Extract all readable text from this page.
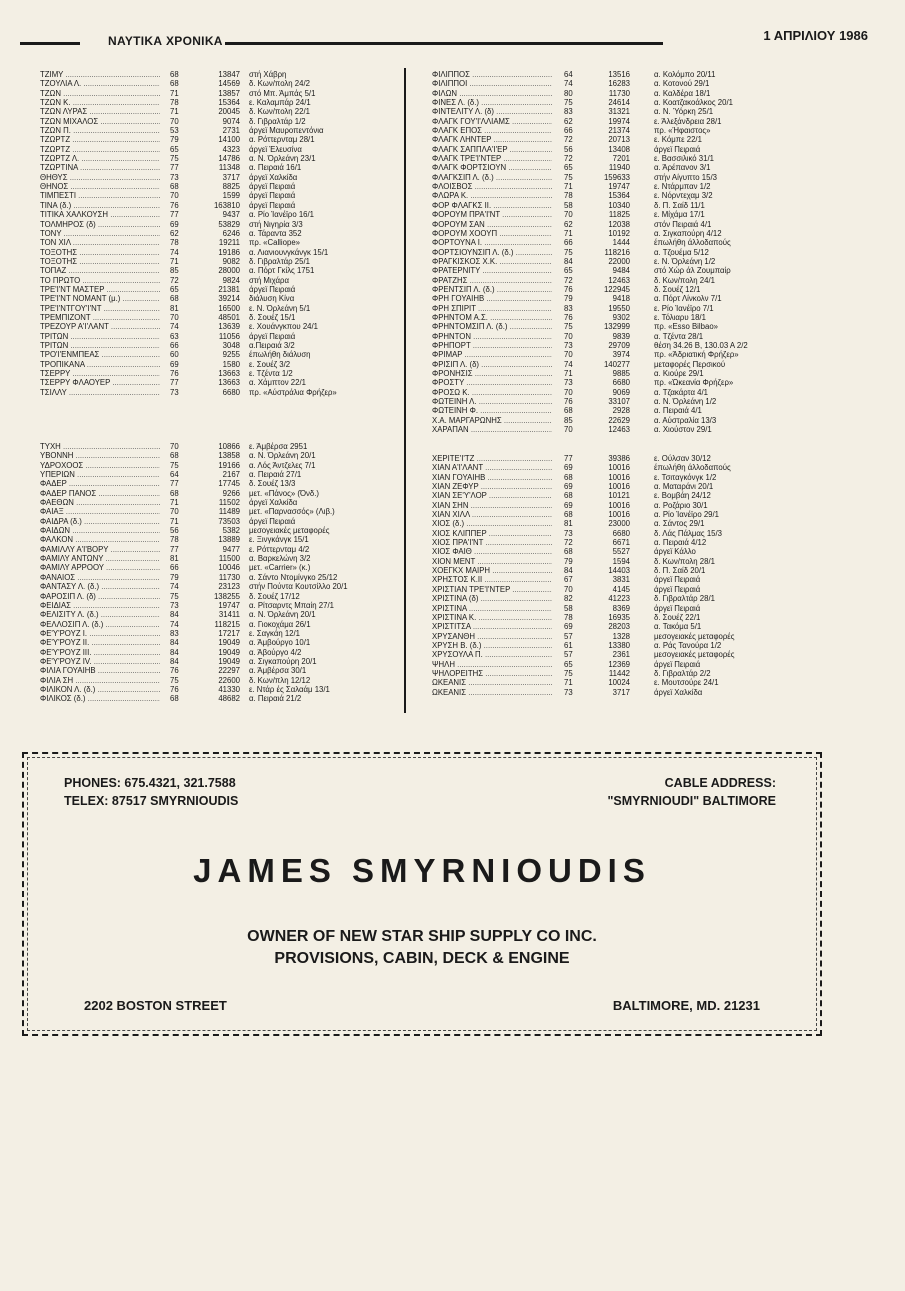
ΝΑΥΤΙΚΑ ΧΡΟΝΙΚΑ	1 ΑΠΡΙΛΙΟΥ 1986
ΤΖΙΜΥ .....	68	13847 στή Χάβρη
ΤΖΟΥΛΙΑ Λ. .....	68	14569 δ. Κων/πολη 24/2
ΤΖΩΝ .....	71	13857 στό Μπ. Άμπάς 5/1
ΤΖΩΝ Κ. .....	78	15364 ε. Καλαμπάρ 24/1
ΤΖΩΝ ΛΥΡΑΣ .....	71	20045 δ. Κων/πολη 22/1
ΤΖΩΝ ΜΙΧΑΛΟΣ .....	70	9074 δ. Γιβραλτάρ 1/2
ΤΖΩΝ Π. .....	53	2731 άργεϊ Μαυροπεντόνια
ΤΖΩΡΤΖ .....	79	14100 α. Ρόττερνταμ 28/1
ΤΖΩΡΤΖ .....	65	4323 άργεϊ Έλευσίνα
ΤΖΩΡΤΖ Λ. .....	75	14786 α. Ν. Όρλεάνη 23/1
ΤΖΩΡΤΙΝΑ .....	77	11348 α. Πειραιά 16/1
ΘΗΘΥΣ .....	73	3717 άργεϊ Χαλκίδα
ΘΗΝΟΣ .....	68	8825 άργεϊ Πειραιά
ΤΙΜΠΕΣΤΙ .....	70	1599 άργεϊ Πειραιά
ΤΙΝΑ (δ.) .....	76	163810 άργεϊ Πειραιά
ΤΙΤΙΚΑ ΧΑΛΚΟΥΣΗ .....	77	9437 α. Ρίο Ίανέϊρο 16/1
ΤΟΛΜΗΡΟΣ (δ) .....	69	53829 στή Νιγηρία 3/3
ΤΟΝΥ .....	62	6246 α. Τάραντα 352
ΤΟΝ ΧΙΛ .....	78	19211 πρ. «Calliope»
ΤΟΞΟΤΗΣ .....	74	19186 α. Λιανιουνγκάνγκ 15/1
ΤΟΞΟΤΗΣ .....	71	9082 δ. Γιβραλτάρ 25/1
ΤΟΠΑΖ .....	85	28000 α. Πόρτ Γκίλς 1751
ΤΟ ΠΡΩΤΟ .....	72	9824 στή Μιχάρα
ΤΡΕ'Ι'ΝΤ ΜΑΣΤΕΡ .....	65	21381 άργεϊ Πειραιά
ΤΡΕ'Ι'ΝΤ ΝΟΜΑΝΤ (μ.) .....	68	39214 διάλυση Κίνα
ΤΡΕ'Ι'ΝΤΓΟΥ'Ι'ΝΤ .....	81	16500 ε. Ν. Όρλεάνη 5/1
ΤΡΕΜΠΙΖΟΝΤ .....	70	48501 δ. Σουέζ 15/1
ΤΡΕΖΟΥΡ Α'Ι'ΛΑΝΤ .....	74	13639 ε. Χουάνγκπου 24/1
ΤΡΙΤΩΝ .....	63	11056 άργεϊ Πειραιά
ΤΡΙΤΩΝ .....	66	3048 α.Πειραιά 3/2
ΤΡΟ'Ι'ΕΝΜΠΕΑΣ .....	60	9255 έπωλήθη διάλυση
ΤΡΟΠΙΚΑΝΑ .....	69	1580 ε. Σουέζ 3/2
ΤΣΕΡΡΥ .....	76	13663 ε. Τζέντα 1/2
ΤΣΕΡΡΥ ΦΛΑΟΥΕΡ .....	77	13663 α. Χάμπτον 22/1
ΤΣΙΛΛΥ .....	73	6680 πρ. «Αύστράλια Φρήζερ»
ΤΥΧΗ .....	70	10866 ε. Άμβέρσα 2951
ΥΒΟΝΝΗ .....	68	13858 α. Ν. Όρλεάνη 20/1
ΥΔΡΟΧΟΟΣ .....	75	19166 α. Λός Άντζελες 7/1
ΥΠΕΡΙΩΝ .....	64	2167 α. Πειραιά 27/1
ΦΑΔΕΡ .....	77	17745 δ. Σουέζ 13/3
ΦΑΔΕΡ ΠΑΝΟΣ .....	68	9266 μετ. «Πάνος» (Όνδ.)
ΦΑΕΘΩΝ .....	71	11502 άργεϊ Χαλκίδα
ΦΑΙΑΞ .....	70	11489 μετ. «Παρνασσός» (Λιβ.)
ΦΑΙΔΡΑ (δ.) .....	71	73503 άργεϊ Πειραιά
ΦΑΙΔΩΝ .....	56	5382 μεσογειακές μεταφορές
ΦΑΛΚΟΝ .....	78	13889 ε. Ξινγκάνγκ 15/1
ΦΑΜΙΛΛΥ Α'Ι'ΒΟΡΥ .....	77	9477 ε. Ρόττερνταμ 4/2
ΦΑΜΙΛΥ ΑΝΤΩΝΥ .....	81	11500 α. Βαρκελώνη 3/2
ΦΑΜΙΛΥ ΑΡΡΟΟΥ .....	66	10046 μετ. «Carrier» (κ.)
ΦΑΝΑΙΟΣ .....	79	11730 α. Σάντο Ντομίνγκο 25/12
ΦΑΝΤΑΣΥ Λ. (δ.) .....	74	23123 στήν Πούντα Κουτσίλλο 20/1
ΦΑΡΟΣΙΠ Λ. (δ) .....	75	138255 δ. Σουέζ 17/12
ΦΕΙΔΙΑΣ .....	73	19747 α. Ρίτσαρντς Μπαίη 27/1
ΦΕΛΙΣΙΤΥ Λ. (δ.) .....	84	31411 α. Ν. Όρλεάνη 20/1
ΦΕΛΛΟΣΙΠ Λ. (δ.) .....	74	118215 α. Γιοκοχάμα 26/1
ΦΕ'Υ'ΡΟΥΖ Ι. .....	83	17217 ε. Σαγκάη 12/1
ΦΕ'Υ'ΡΟΥΖ ΙΙ. .....	84	19049 α. Άμβούργο 10/1
ΦΕ'Υ'ΡΟΥΖ ΙΙΙ. .....	84	19049 α. Άβούργο 4/2
ΦΕ'Υ'ΡΟΥΖ ΙV. .....	84	19049 α. Σιγκαπούρη 20/1
ΦΙΛΙΑ ΓΟΥΑΙΗΒ .....	76	22297 α. Άμβέρσα 30/1
ΦΙΛΙΑ ΣΗ .....	75	22600 δ. Κων/πλη 12/12
ΦΙΛΙΚΟΝ Λ. (δ.) .....	76	41330 ε. Ντάρ ές Σαλαάμ 13/1
ΦΙΛΙΚΟΣ (δ.) .....	68	48682 α. Πειραιά 21/2
ΦΙΛΙΠΠΟΣ .....	64	13516	α. Κολόμπο 20/11
ΦΙΛΙΠΠΟΙ .....	74	16283	α. Κοτονού 29/1
ΦΙΛΩΝ .....	80	11730	α. Καλδέρα 18/1
ΦΙΝΕΣ Λ. (δ.) .....	75	24614	α. Κοατζακοάλκος 20/1
ΦΙΝΤΕΛΙΤΥ Λ. (δ) .....	83	31321	α. Ν. Ύόρκη 25/1
ΦΛΑΓΚ ΓΟΥ'Ι'ΛΛΙΑΜΣ .....	62	19974	ε. Άλεξάνδρεια 28/1
ΦΛΑΓΚ ΕΠΟΣ .....	66	21374	πρ. «Ήφαιστος»
ΦΛΑΓΚ ΛΗΝΤΕΡ .....	72	20713	ε. Κόμπε 22/1
ΦΛΑΓΚ ΣΑΠΠΛΑ'Ι'ΕΡ .....	56	13408	άργεϊ Πειραιά
ΦΛΑΓΚ ΤΡΕ'Ι'ΝΤΕΡ .....	72	7201	ε. Βασσιλικό 31/1
ΦΛΑΓΚ ΦΟΡΤΣΙΟΥΝ .....	65	11940	α. Άρέπανον 3/1
ΦΛΑΓΚΣΙΠ Λ. (δ.) .....	75	159633	στήν Αίγυπτο 15/3
ΦΛΟΙΣΒΟΣ .....	71	19747	ε. Ντάρμπαν 1/2
ΦΛΩΡΑ Κ. .....	78	15364	ε. Νόρντεχαμ 3/2
ΦΟΡ ΦΛΑΓΚΣ ΙΙ. .....	58	10340	δ. Π. Σαίδ 11/1
ΦΟΡΟΥΜ ΠΡΑ'Ι'ΝΤ .....	70	11825	ε. Μίχάμα 17/1
ΦΟΡΟΥΜ ΣΑΝ .....	62	12038	στόν Πειραιά 4/1
ΦΟΡΟΥΜ ΧΟΟΥΠ .....	71	10192	α. Σιγκαπούρη 4/12
ΦΟΡΤΟΥΝΑ Ι. .....	66	1444	έπωλήθη άλλοδαπούς
ΦΟΡΤΣΙΟΥΝΣΙΠ Λ. (δ.) .....	75	118216	α. Τζουέμα 5/12
ΦΡΑΓΚΙΣΚΟΣ Χ.Κ. .....	84	22000	ε. Ν. Όρλεάνη 1/2
ΦΡΑΤΕΡΝΙΤΥ .....	65	9484	στό Χώρ άλ Ζουμπαίρ
ΦΡΑΤΖΗΣ .....	72	12463	δ. Κων/πολη 24/1
ΦΡΕΝΤΣΙΠ Λ. (δ.) .....	76	122945	δ. Σουέζ 12/1
ΦΡΗ ΓΟΥΑΙΗΒ .....	79	9418	α. Πόρτ Λίνκολν 7/1
ΦΡΗ ΣΠΙΡΙΤ .....	83	19550	ε. Ρίο Ίανέϊρο 7/1
ΦΡΗΝΤΟΜ Α.Σ. .....	76	9302	ε. Τόλιαρυ 18/1
ΦΡΗΝΤΟΜΣΙΠ Λ. (δ.) .....	75	132999	πρ. «Esso Bilbao»
ΦΡΗΝΤΟΝ .....	70	9839	α. Τζέντα 28/1
ΦΡΗΠΟΡΤ .....	73	29709	θέση 34.26 Β, 130.03 Α 2/2
ΦΡΙΜΑΡ .....	70	3974	πρ. «Άδριατική Φρήζερ»
ΦΡΙΣΙΠ Λ. (δ) .....	74	140277	μεταφορές Περσικού
ΦΡΟΝΗΣΙΣ .....	71	9885	α. Κιούρε 29/1
ΦΡΟΣΤΥ .....	73	6680	πρ. «Ώκεανία Φρήζερ»
ΦΡΟΣΩ Κ. .....	70	9069	α. Τζακάρτα 4/1
ΦΩΤΕΙΝΗ Λ. .....	76	33107	α. Ν. Όρλεάνη 1/2
ΦΩΤΕΙΝΗ Φ. .....	68	2928	α. Πειραιά 4/1
Χ.Α. ΜΑΡΓΑΡΩΝΗΣ .....	85	22629	α. Αύστραλία 13/3
ΧΑΡΑΠΑΝ .....	70	12463	α. Χιούστον 29/1
ΧΕΡΙΤΕ'Ι'ΤΖ .....	77	39386	ε. Ούλσαν 30/12
ΧΙΑΝ Α'Ι'ΛΑΝΤ .....	69	10016	έπωλήθη άλλοδαπούς
ΧΙΑΝ ΓΟΥΑΙΗΒ .....	68	10016	ε. Τσιταγκόνγκ 1/2
ΧΙΑΝ ΖΕΦΥΡ .....	69	10016	α. Ματαράνι 20/1
ΧΙΑΝ ΣΕ'Υ'ΛΟΡ .....	68	10121	ε. Βομβάη 24/12
ΧΙΑΝ ΣΗΝ .....	69	10016	α. Ροζάριο 30/1
ΧΙΑΝ ΧΙΛΛ .....	68	10016	α. Ρίο Ίανέϊρο 29/1
ΧΙΟΣ (δ.) .....	81	23000	α. Σάντος 29/1
ΧΙΟΣ ΚΛΙΠΠΕΡ .....	73	6680	δ. Λάς Πάλμας 15/3
ΧΙΟΣ ΠΡΑ'Ι'ΝΤ .....	72	6671	α. Πειραιά 4/12
ΧΙΟΣ ΦΑΙΘ .....	68	5527	άργεϊ Κάλλο
ΧΙΟΝ ΜΕΝΤ .....	79	1594	δ. Κων/πολη 28/1
ΧΟΕΓΚΧ ΜΑΙΡΗ .....	84	14403	δ. Π. Σαίδ 20/1
ΧΡΗΣΤΟΣ Κ.ΙΙ .....	67	3831	άργεϊ Πειραιά
ΧΡΙΣΤΙΑΝ ΤΡΕ'Ι'ΝΤΕΡ .....	70	4145	άργεϊ Πειραιά
ΧΡΙΣΤΙΝΑ (δ) .....	82	41223	δ. Γιβραλτάρ 28/1
ΧΡΙΣΤΙΝΑ .....	58	8369	άργεϊ Πειραιά
ΧΡΙΣΤΙΝΑ Κ. .....	78	16935	δ. Σουέζ 22/1
ΧΡΙΣΤΙΤΣΑ .....	69	28203	α. Τακόμα 5/1
ΧΡΥΣΑΝΘΗ .....	57	1328	μεσογειακές μεταφορές
ΧΡΥΣΗ Β. (δ.) .....	61	13380	α. Ράς Τανούρα 1/2
ΧΡΥΣΟΥΛΑ Π. .....	57	2361	μεσογειακές μεταφορές
ΨΗΛΗ .....	65	12369	άργεϊ Πειραιά
ΨΗΛΟΡΕΙΤΗΣ .....	75	11442	δ. Γιβραλτάρ 2/2
ΩΚΕΑΝΙΣ .....	71	10024	ε. Μουτσούρε 24/1
ΩΚΕΑΝΙΣ .....	73	3717	άργεϊ Χαλκίδα
PHONES: 675.4321, 321.7588
TELEX: 87517 SMYRNIOUDIS
CABLE ADDRESS:
"SMYRNIOUDI" BALTIMORE
JAMES SMYRNIOUDIS
OWNER OF NEW STAR SHIP SUPPLY CO INC.
PROVISIONS, CABIN, DECK & ENGINE
2202 BOSTON STREET	BALTIMORE, MD. 21231
